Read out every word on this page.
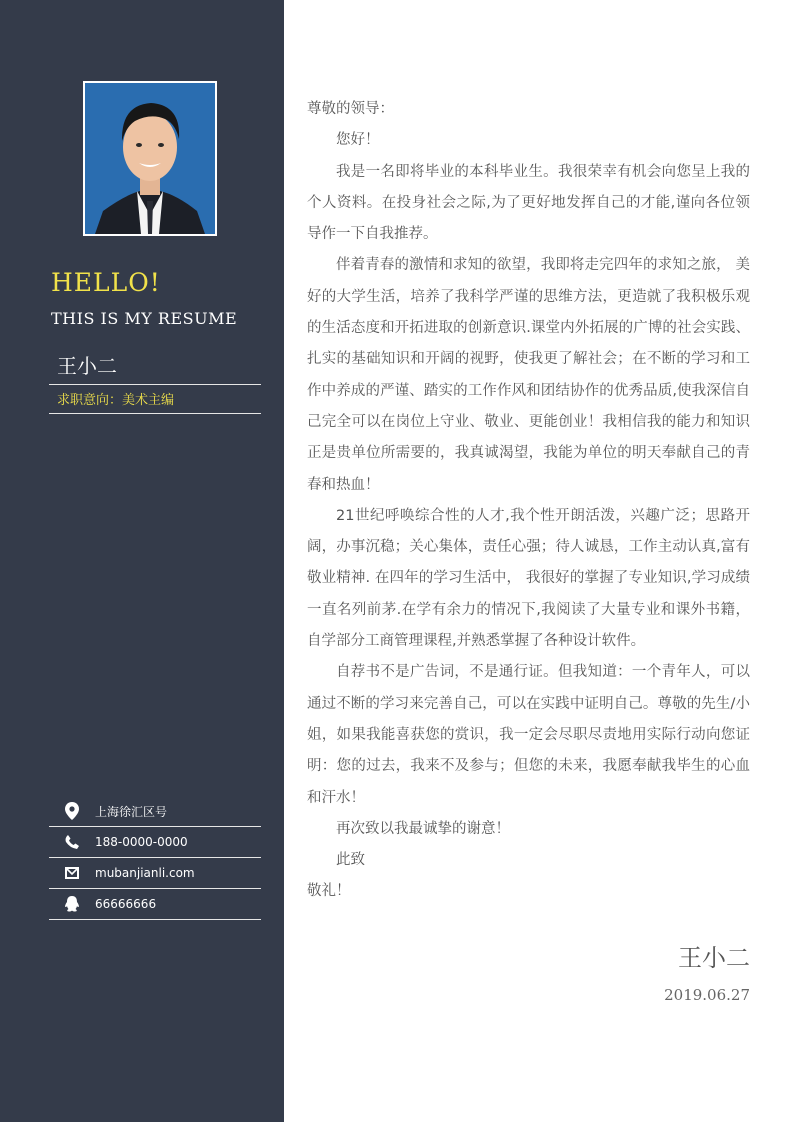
HELLO!
THIS IS MY RESUME
王小二
求职意向：美术主编
上海徐汇区号
188-0000-0000
mubanjianli.com
66666666

尊敬的领导：

您好！

我是一名即将毕业的本科毕业生。我很荣幸有机会向您呈上我的个人资料。在投身社会之际,为了更好地发挥自己的才能,谨向各位领导作一下自我推荐。

伴着青春的激情和求知的欲望，我即将走完四年的求知之旅， 美好的大学生活，培养了我科学严谨的思维方法，更造就了我积极乐观的生活态度和开拓进取的创新意识.课堂内外拓展的广博的社会实践、扎实的基础知识和开阔的视野，使我更了解社会；在不断的学习和工作中养成的严谨、踏实的工作作风和团结协作的优秀品质,使我深信自己完全可以在岗位上守业、敬业、更能创业！我相信我的能力和知识正是贵单位所需要的，我真诚渴望，我能为单位的明天奉献自己的青春和热血！

21世纪呼唤综合性的人才,我个性开朗活泼，兴趣广泛；思路开阔，办事沉稳；关心集体，责任心强；待人诚恳，工作主动认真,富有敬业精神. 在四年的学习生活中， 我很好的掌握了专业知识,学习成绩一直名列前茅.在学有余力的情况下,我阅读了大量专业和课外书籍，自学部分工商管理课程,并熟悉掌握了各种设计软件。

自荐书不是广告词，不是通行证。但我知道：一个青年人，可以通过不断的学习来完善自己，可以在实践中证明自己。尊敬的先生/小姐，如果我能喜获您的赏识，我一定会尽职尽责地用实际行动向您证明：您的过去，我来不及参与；但您的未来，我愿奉献我毕生的心血和汗水！

再次致以我最诚挚的谢意！

此致

敬礼！

王小二
2019.06.27
